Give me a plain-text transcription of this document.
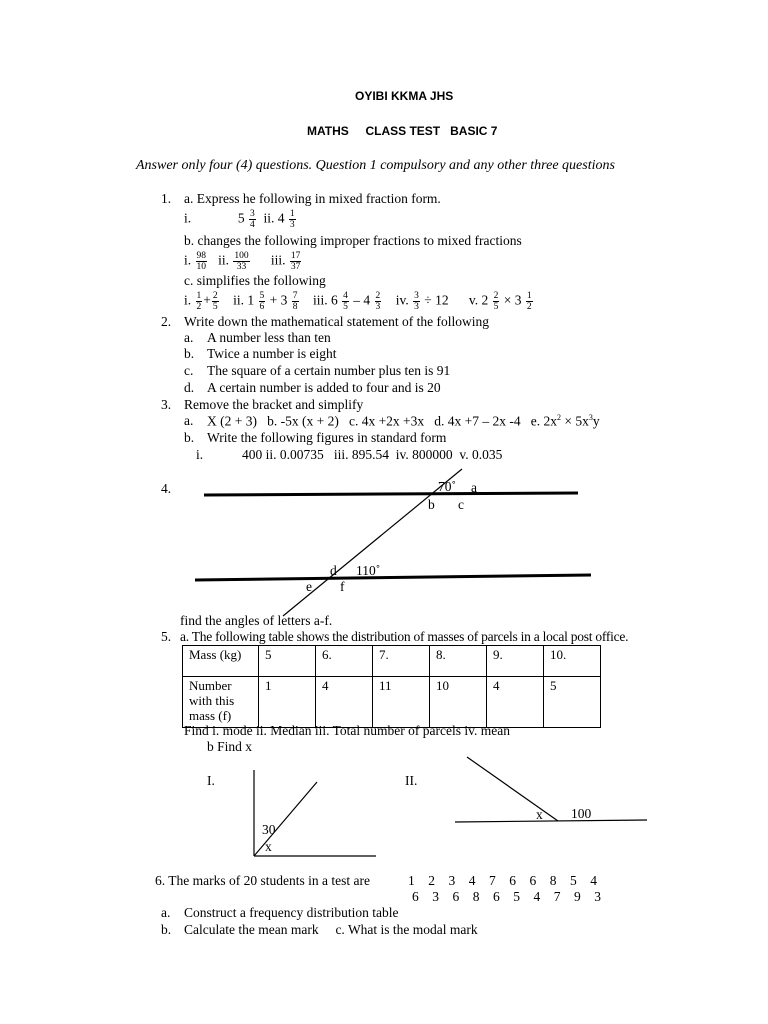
OYIBI KKMA JHS
MATHS     CLASS TEST   BASIC 7
Answer only four (4) questions. Question 1 compulsory and any other three questions
1. a. Express he following in mixed fraction form.
i.	$5 \frac{3}{4}$ ii. $4 \frac{1}{3}$
b. changes the following improper fractions to mixed fractions
i. $\frac{98}{10}$ ii. $\frac{100}{33}$ iii. $\frac{17}{37}$
c. simplifies the following
i. $\frac{1}{2} + \frac{2}{5}$ ii. $1 \frac{5}{6} + 3 \frac{7}{8}$ iii. $6 \frac{4}{5} - 4 \frac{2}{3}$ iv. $\frac{3}{3} \div 12$ v. $2 \frac{2}{5} \times 3 \frac{1}{2}$
2. Write down the mathematical statement of the following
a. A number less than ten
b. Twice a number is eight
c. The square of a certain number plus ten is 91
d. A certain number is added to four and is 20
3. Remove the bracket and simplify
a. X (2 + 3)   b. -5x (x + 2)   c. 4x +2x +3x   d. 4x +7 – 2x -4   e. $2x^2 \times 5x^3y$
b. Write the following figures in standard form
i.	400 ii. 0.00735   iii. 895.54  iv. 800000  v. 0.035
4.	70˚ a
b c
d 110˚
e f
find the angles of letters a-f.
5. a. The following table shows the distribution of masses of parcels in a local post office.
Mass (kg)	5	6.	7.	8.	9.	10.
Number with this mass (f)	1	4	11	10	4	5
Find i. mode ii. Median iii. Total number of parcels iv. mean
b Find x
I.
30
x
II.
x 100
6. The marks of 20 students in a test are	1    2    3    4    7    6    6    8    5    4
6    3    6    8    6    5    4    7    9    3
a. Construct a frequency distribution table
b. Calculate the mean mark     c. What is the modal mark
